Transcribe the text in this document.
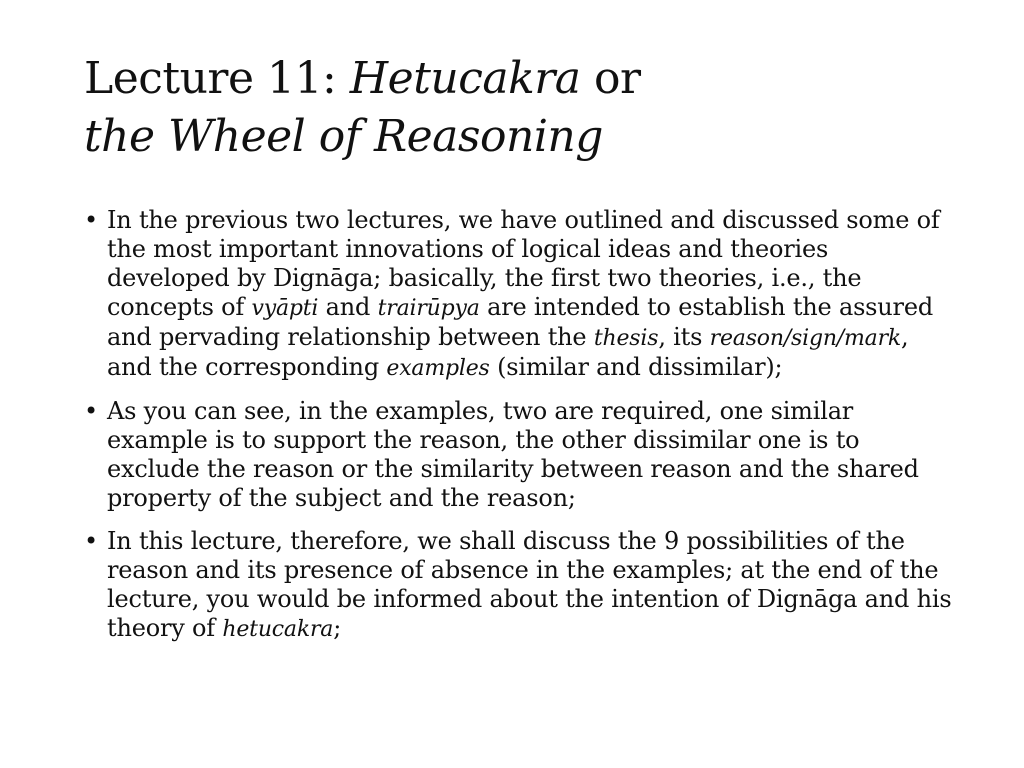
Lecture 11: Hetucakra or
the Wheel of Reasoning
• In the previous two lectures, we have outlined and discussed some of the most important innovations of logical ideas and theories developed by Dignāga; basically, the first two theories, i.e., the concepts of vyāpti and trairūpya are intended to establish the assured and pervading relationship between the thesis, its reason/sign/mark, and the corresponding examples (similar and dissimilar);
• As you can see, in the examples, two are required, one similar example is to support the reason, the other dissimilar one is to exclude the reason or the similarity between reason and the shared property of the subject and the reason;
• In this lecture, therefore, we shall discuss the 9 possibilities of the reason and its presence of absence in the examples; at the end of the lecture, you would be informed about the intention of Dignāga and his theory of hetucakra;
